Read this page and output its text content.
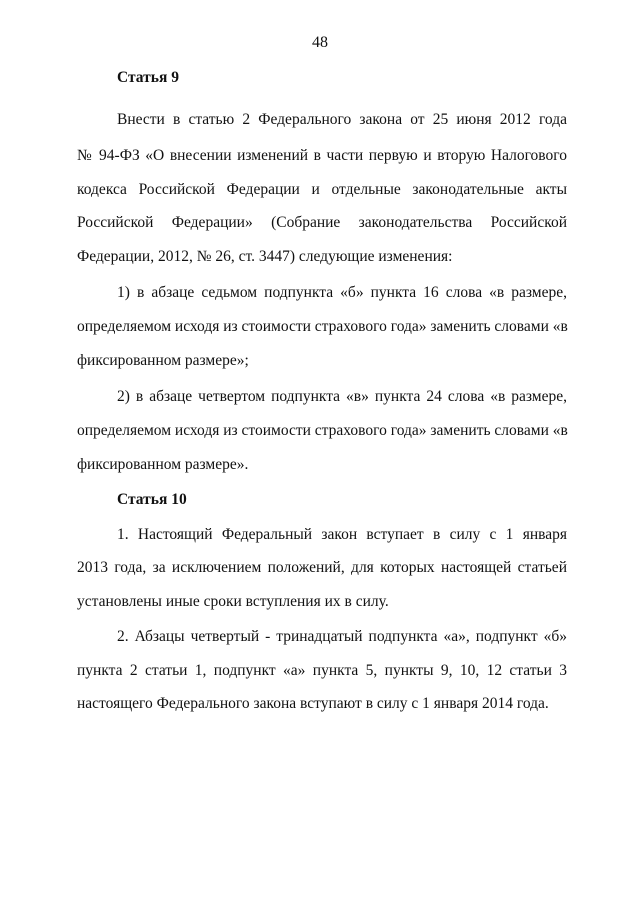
48
Статья 9
Внести в статью 2 Федерального закона от 25 июня 2012 года
№ 94-ФЗ «О внесении изменений в части первую и вторую Налогового
кодекса Российской Федерации и отдельные законодательные акты
Российской Федерации» (Собрание законодательства Российской
Федерации, 2012, № 26, ст. 3447) следующие изменения:
1) в абзаце седьмом подпункта «б» пункта 16 слова «в размере,
определяемом исходя из стоимости страхового года» заменить словами «в
фиксированном размере»;
2) в абзаце четвертом подпункта «в» пункта 24 слова «в размере,
определяемом исходя из стоимости страхового года» заменить словами «в
фиксированном размере».
Статья 10
1. Настоящий Федеральный закон вступает в силу с 1 января
2013 года, за исключением положений, для которых настоящей статьей
установлены иные сроки вступления их в силу.
2. Абзацы четвертый - тринадцатый подпункта «а», подпункт «б»
пункта 2 статьи 1, подпункт «а» пункта 5, пункты 9, 10, 12 статьи 3
настоящего Федерального закона вступают в силу с 1 января 2014 года.
